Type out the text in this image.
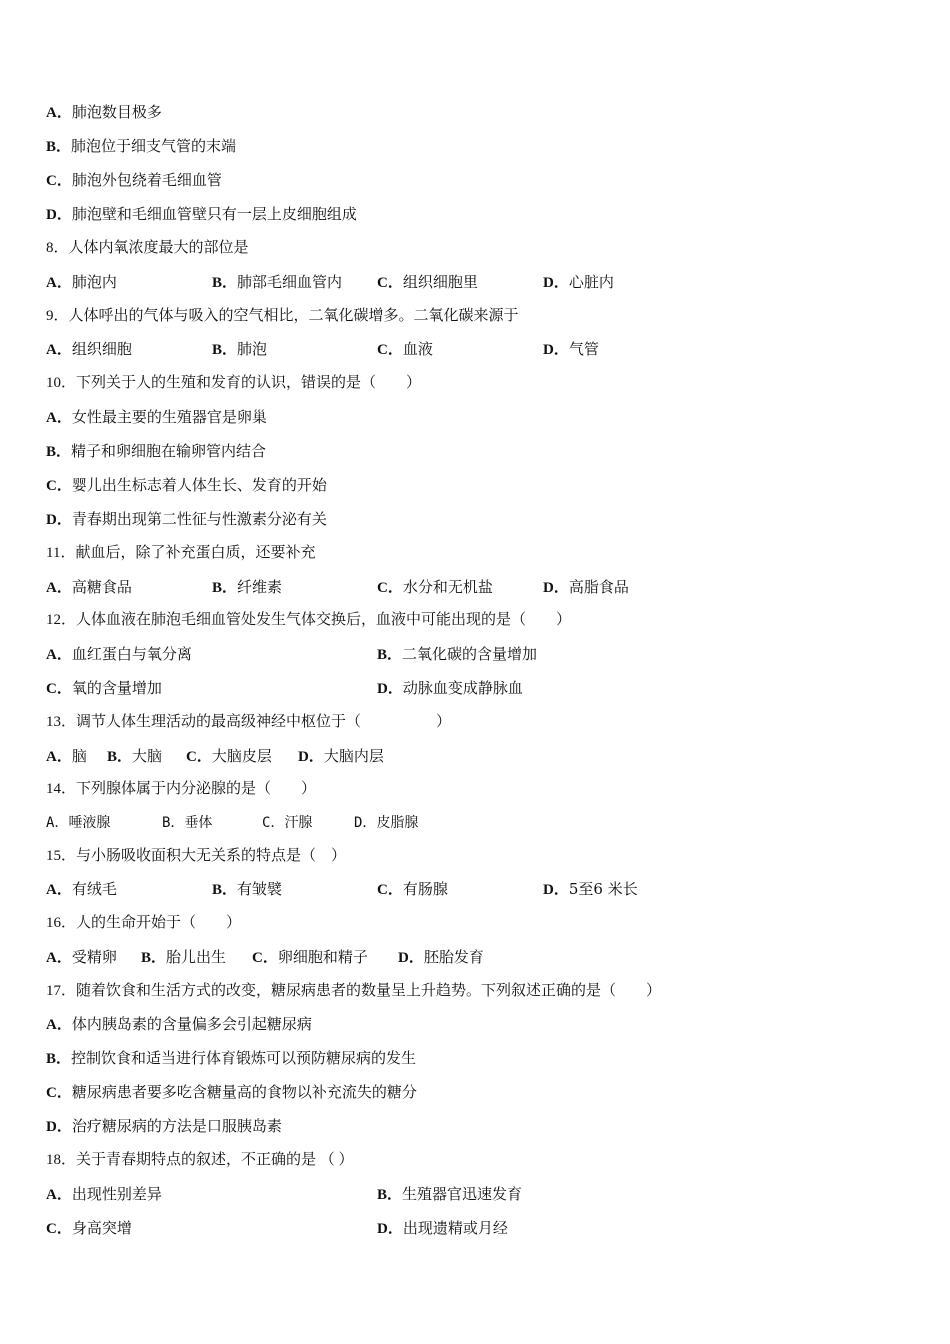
A．肺泡数目极多
B．肺泡位于细支气管的末端
C．肺泡外包绕着毛细血管
D．肺泡壁和毛细血管壁只有一层上皮细胞组成
8．人体内氧浓度最大的部位是
A．肺泡内	B．肺部毛细血管内 C．组织细胞里	D．心脏内
9．人体呼出的气体与吸入的空气相比，二氧化碳增多。二氧化碳来源于
A．组织细胞	B．肺泡	C．血液	D．气管
10．下列关于人的生殖和发育的认识，错误的是（　　）
A．女性最主要的生殖器官是卵巢
B．精子和卵细胞在输卵管内结合
C．婴儿出生标志着人体生长、发育的开始
D．青春期出现第二性征与性激素分泌有关
11．献血后，除了补充蛋白质，还要补充
A．高糖食品	B．纤维素	C．水分和无机盐	D．高脂食品
12．人体血液在肺泡毛细血管处发生气体交换后，血液中可能出现的是（　　）
A．血红蛋白与氧分离	B．二氧化碳的含量增加
C．氧的含量增加	D．动脉血变成静脉血
13．调节人体生理活动的最高级神经中枢位于（　　　　　）
A．脑 B．大脑 C．大脑皮层 D．大脑内层
14．下列腺体属于内分泌腺的是（　　）
A．唾液腺	B．垂体	C．汗腺	D．皮脂腺
15．与小肠吸收面积大无关系的特点是（　）
A．有绒毛	B．有皱襞	C．有肠腺	D．5至6 米长
16．人的生命开始于（　　）
A．受精卵 B．胎儿出生 C．卵细胞和精子 D．胚胎发育
17．随着饮食和生活方式的改变，糖尿病患者的数量呈上升趋势。下列叙述正确的是（　　）
A．体内胰岛素的含量偏多会引起糖尿病
B．控制饮食和适当进行体育锻炼可以预防糖尿病的发生
C．糖尿病患者要多吃含糖量高的食物以补充流失的糖分
D．治疗糖尿病的方法是口服胰岛素
18．关于青春期特点的叙述，不正确的是 （ ）
A．出现性别差异	B．生殖器官迅速发育
C．身高突增	D．出现遗精或月经
